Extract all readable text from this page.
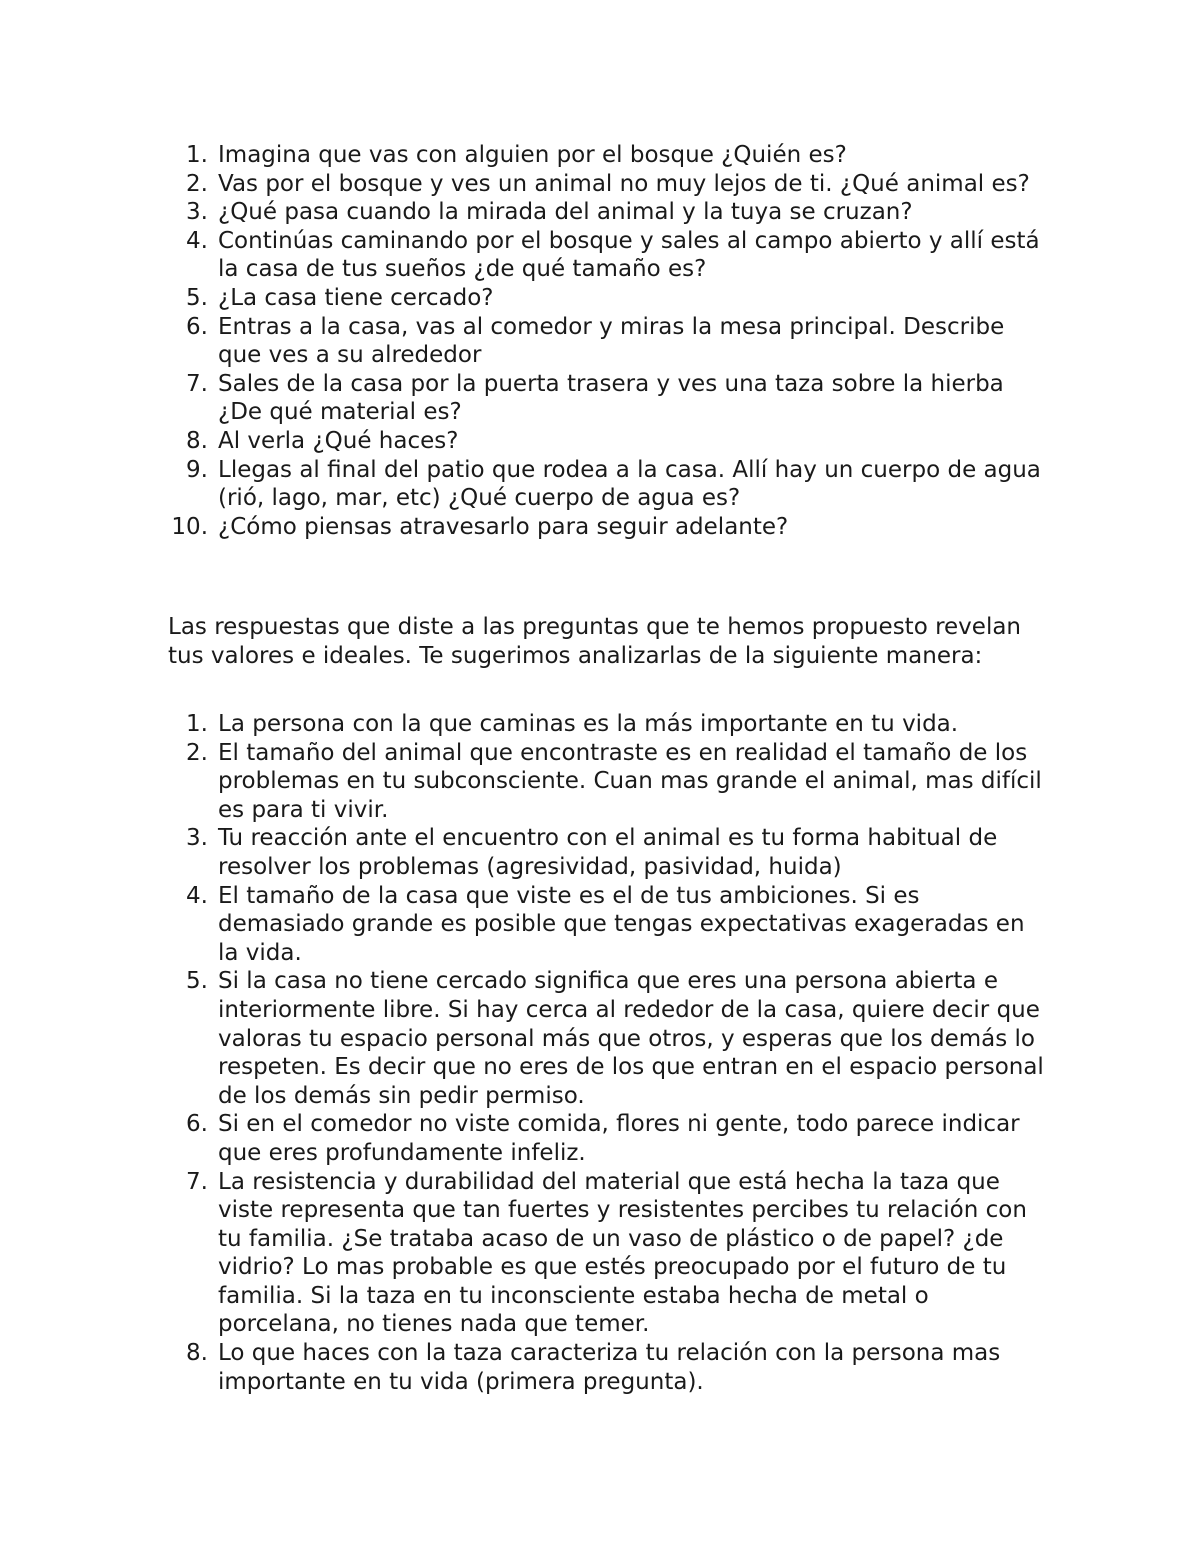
1. Imagina que vas con alguien por el bosque ¿Quién es?

2. Vas por el bosque y ves un animal no muy lejos de ti. ¿Qué animal es?

3. ¿Qué pasa cuando la mirada del animal y la tuya se cruzan?

4. Continúas caminando por el bosque y sales al campo abierto y allí está la casa de tus sueños ¿de qué tamaño es?

5. ¿La casa tiene cercado?

6. Entras a la casa, vas al comedor y miras la mesa principal. Describe que ves a su alrededor

7. Sales de la casa por la puerta trasera y ves una taza sobre la hierba ¿De qué material es?

8. Al verla ¿Qué haces?

9. Llegas al final del patio que rodea a la casa. Allí hay un cuerpo de agua (rió, lago, mar, etc) ¿Qué cuerpo de agua es?

10. ¿Cómo piensas atravesarlo para seguir adelante?

Las respuestas que diste a las preguntas que te hemos propuesto revelan tus valores e ideales. Te sugerimos analizarlas de la siguiente manera:

1. La persona con la que caminas es la más importante en tu vida.

2. El tamaño del animal que encontraste es en realidad el tamaño de los problemas en tu subconsciente. Cuan mas grande el animal, mas difícil es para ti vivir.

3. Tu reacción ante el encuentro con el animal es tu forma habitual de resolver los problemas (agresividad, pasividad, huida)

4. El tamaño de la casa que viste es el de tus ambiciones. Si es demasiado grande es posible que tengas expectativas exageradas en la vida.

5. Si la casa no tiene cercado significa que eres una persona abierta e interiormente libre. Si hay cerca al rededor de la casa, quiere decir que valoras tu espacio personal más que otros, y esperas que los demás lo respeten. Es decir que no eres de los que entran en el espacio personal de los demás sin pedir permiso.

6. Si en el comedor no viste comida, flores ni gente, todo parece indicar que eres profundamente infeliz.

7. La resistencia y durabilidad del material que está hecha la taza que viste representa que tan fuertes y resistentes percibes tu relación con tu familia. ¿Se trataba acaso de un vaso de plástico o de papel? ¿de vidrio? Lo mas probable es que estés preocupado por el futuro de tu familia. Si la taza en tu inconsciente estaba hecha de metal o porcelana, no tienes nada que temer.

8. Lo que haces con la taza caracteriza tu relación con la persona mas importante en tu vida (primera pregunta).
